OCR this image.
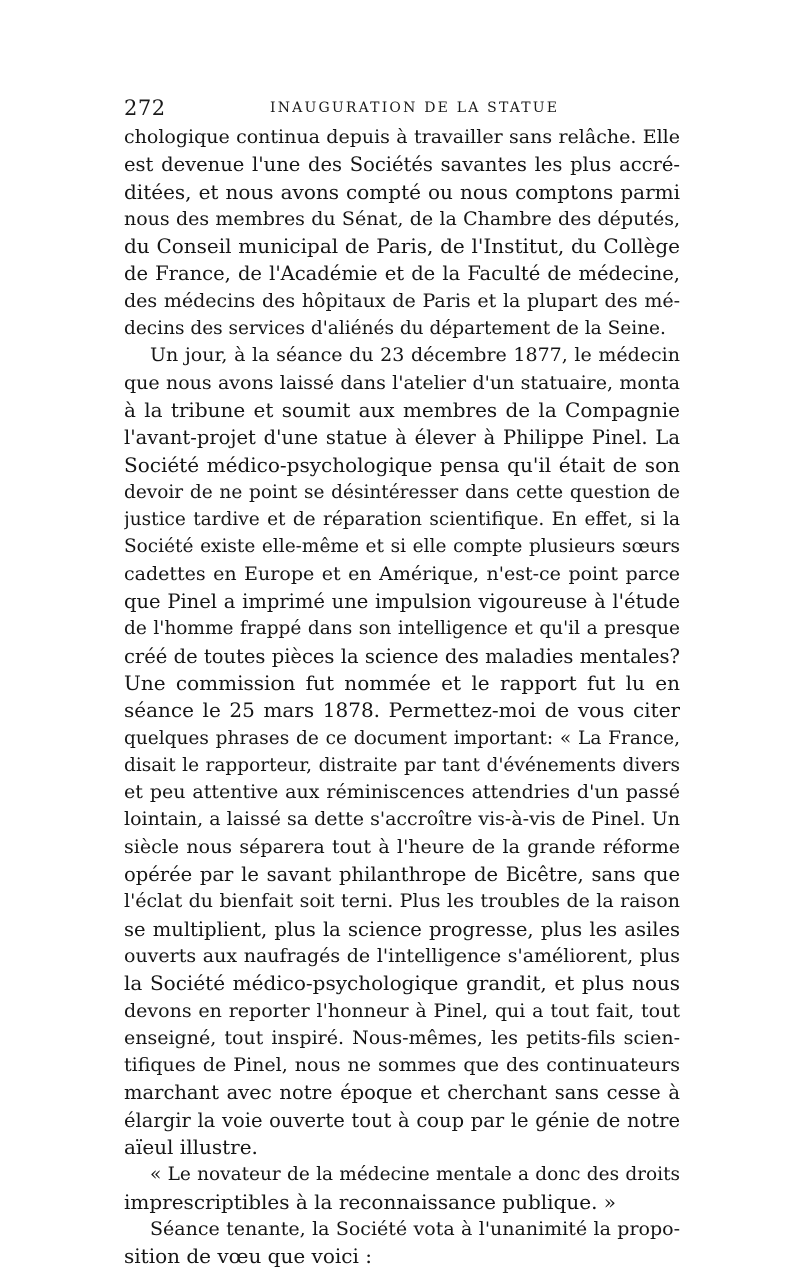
272	INAUGURATION DE LA STATUE
chologique continua depuis à travailler sans relâche. Elle
est devenue l'une des Sociétés savantes les plus accré-
ditées, et nous avons compté ou nous comptons parmi
nous des membres du Sénat, de la Chambre des députés,
du Conseil municipal de Paris, de l'Institut, du Collège
de France, de l'Académie et de la Faculté de médecine,
des médecins des hôpitaux de Paris et la plupart des mé-
decins des services d'aliénés du département de la Seine.
Un jour, à la séance du 23 décembre 1877, le médecin
que nous avons laissé dans l'atelier d'un statuaire, monta
à la tribune et soumit aux membres de la Compagnie
l'avant-projet d'une statue à élever à Philippe Pinel. La
Société médico-psychologique pensa qu'il était de son
devoir de ne point se désintéresser dans cette question de
justice tardive et de réparation scientifique. En effet, si la
Société existe elle-même et si elle compte plusieurs sœurs
cadettes en Europe et en Amérique, n'est-ce point parce
que Pinel a imprimé une impulsion vigoureuse à l'étude
de l'homme frappé dans son intelligence et qu'il a presque
créé de toutes pièces la science des maladies mentales?
Une commission fut nommée et le rapport fut lu en
séance le 25 mars 1878. Permettez-moi de vous citer
quelques phrases de ce document important: « La France,
disait le rapporteur, distraite par tant d'événements divers
et peu attentive aux réminiscences attendries d'un passé
lointain, a laissé sa dette s'accroître vis-à-vis de Pinel. Un
siècle nous séparera tout à l'heure de la grande réforme
opérée par le savant philanthrope de Bicêtre, sans que
l'éclat du bienfait soit terni. Plus les troubles de la raison
se multiplient, plus la science progresse, plus les asiles
ouverts aux naufragés de l'intelligence s'améliorent, plus
la Société médico-psychologique grandit, et plus nous
devons en reporter l'honneur à Pinel, qui a tout fait, tout
enseigné, tout inspiré. Nous-mêmes, les petits-fils scien-
tifiques de Pinel, nous ne sommes que des continuateurs
marchant avec notre époque et cherchant sans cesse à
élargir la voie ouverte tout à coup par le génie de notre
aïeul illustre.
« Le novateur de la médecine mentale a donc des droits
imprescriptibles à la reconnaissance publique. »
Séance tenante, la Société vota à l'unanimité la propo-
sition de vœu que voici :
